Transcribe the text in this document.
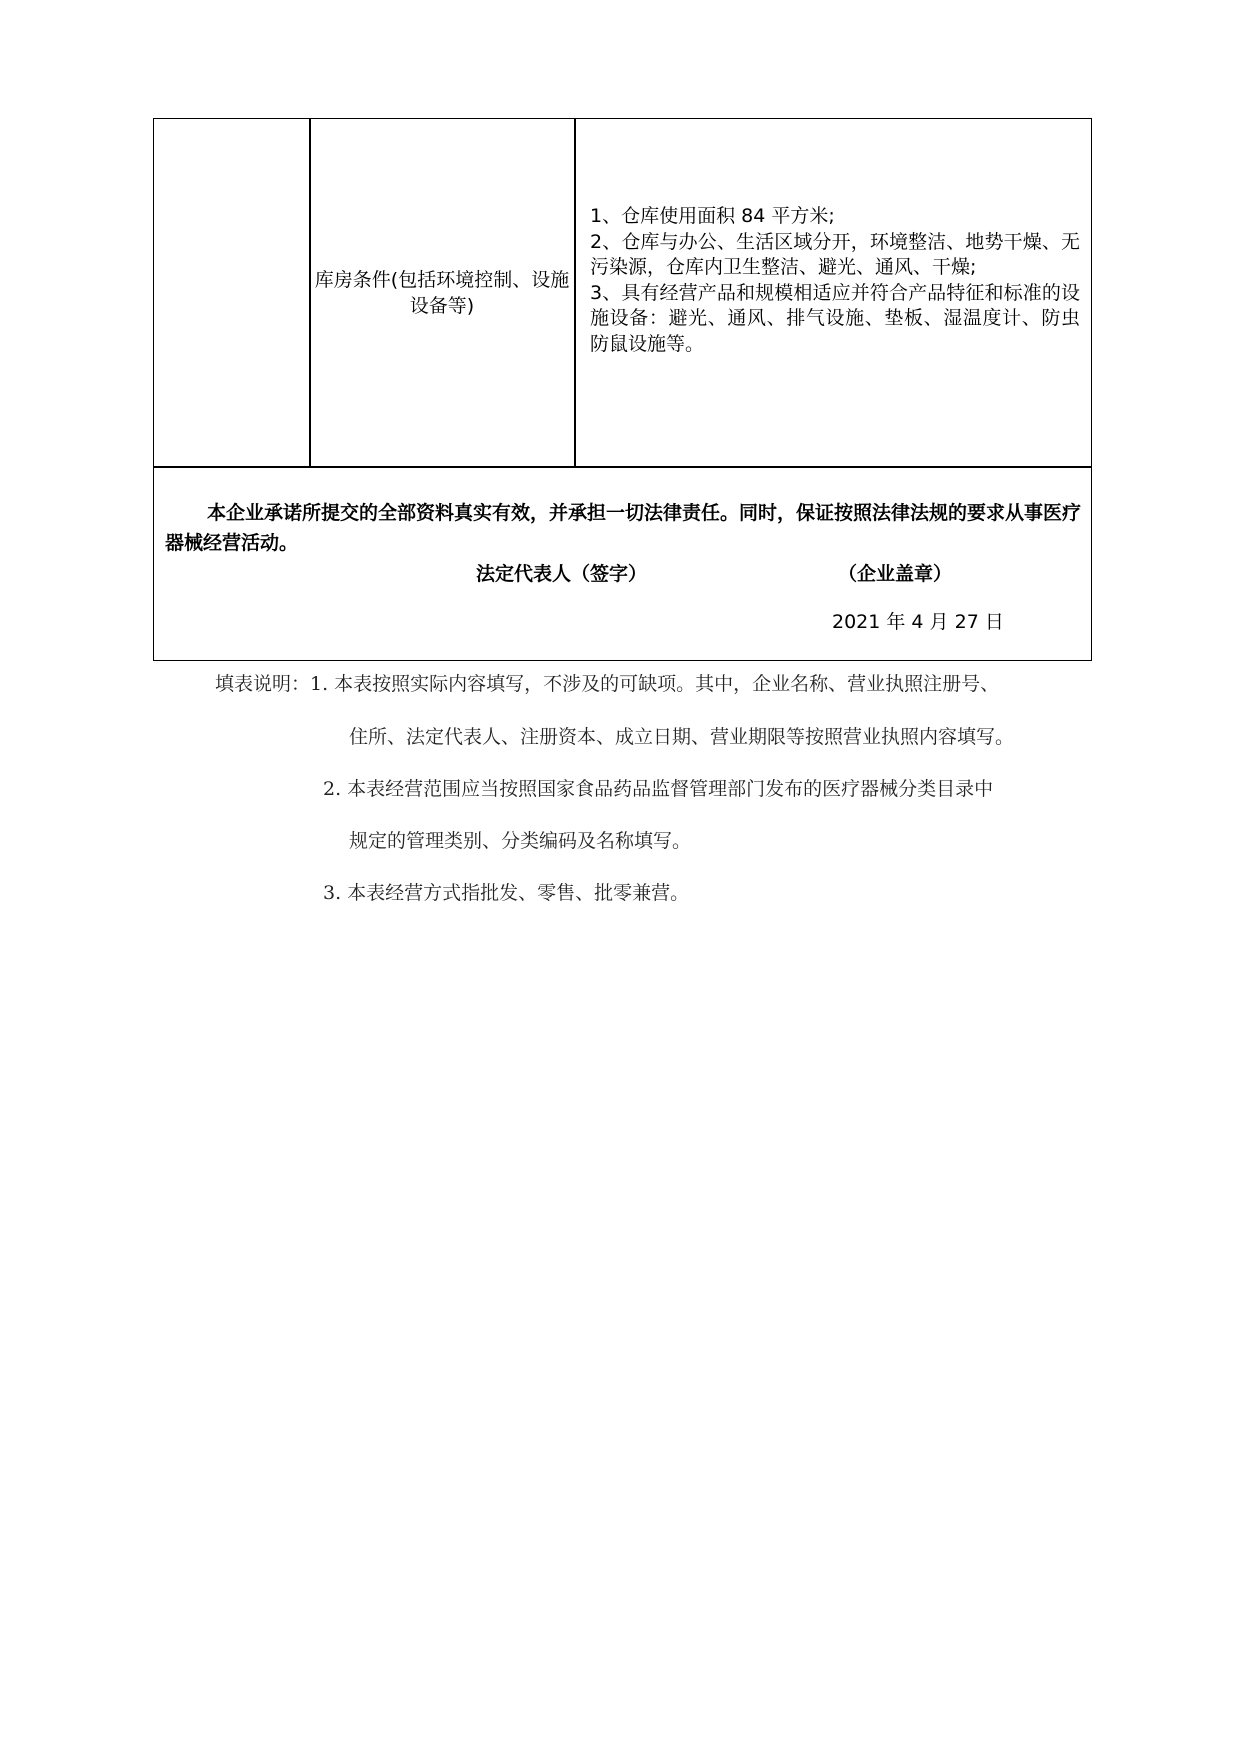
库房条件(包括环境控制、设施设备等)

1、仓库使用面积 84 平方米;

2、仓库与办公、生活区域分开，环境整洁、地势干燥、无污染源，仓库内卫生整洁、避光、通风、干燥;

3、具有经营产品和规模相适应并符合产品特征和标准的设施设备：避光、通风、排气设施、垫板、湿温度计、防虫防鼠设施等。

本企业承诺所提交的全部资料真实有效，并承担一切法律责任。同时，保证按照法律法规的要求从事医疗器械经营活动。

法定代表人（签字）	（企业盖章）
2021 年 4 月 27 日
填表说明：1. 本表按照实际内容填写，不涉及的可缺项。其中，企业名称、营业执照注册号、
住所、法定代表人、注册资本、成立日期、营业期限等按照营业执照内容填写。
2. 本表经营范围应当按照国家食品药品监督管理部门发布的医疗器械分类目录中
规定的管理类别、分类编码及名称填写。
3. 本表经营方式指批发、零售、批零兼营。
